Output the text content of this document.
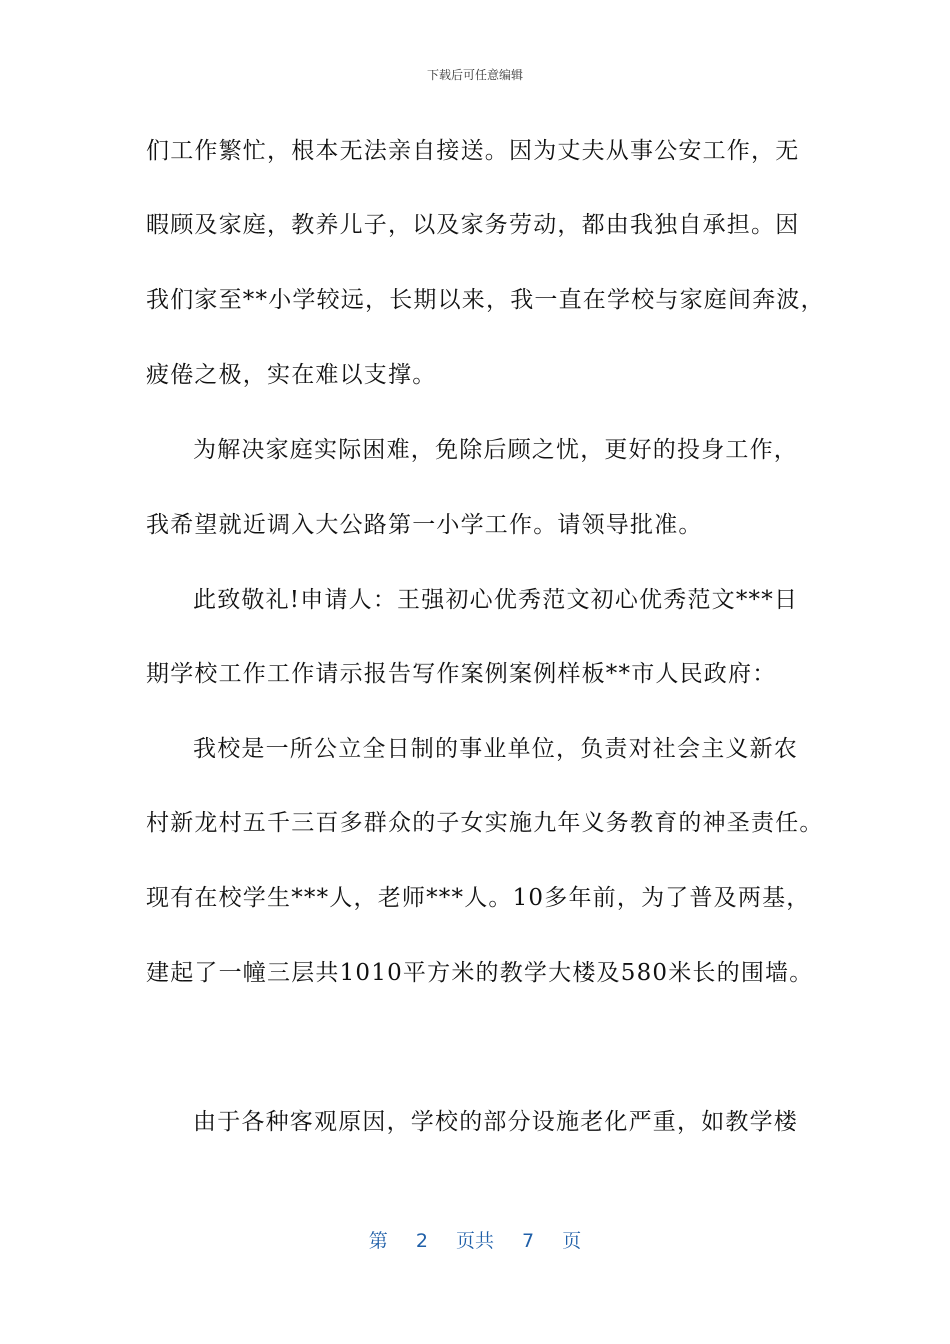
下载后可任意编辑
们工作繁忙，根本无法亲自接送。因为丈夫从事公安工作，无
暇顾及家庭，教养儿子，以及家务劳动，都由我独自承担。因
我们家至**小学较远，长期以来，我一直在学校与家庭间奔波，
疲倦之极，实在难以支撑。
为解决家庭实际困难，免除后顾之忧，更好的投身工作，
我希望就近调入大公路第一小学工作。请领导批准。
此致敬礼!申请人：王强初心优秀范文初心优秀范文***日
期学校工作工作请示报告写作案例案例样板**市人民政府：
我校是一所公立全日制的事业单位，负责对社会主义新农
村新龙村五千三百多群众的子女实施九年义务教育的神圣责任。
现有在校学生***人，老师***人。10多年前，为了普及两基，
建起了一幢三层共1010平方米的教学大楼及580米长的围墙。
由于各种客观原因，学校的部分设施老化严重，如教学楼
第 2 页共 7 页
